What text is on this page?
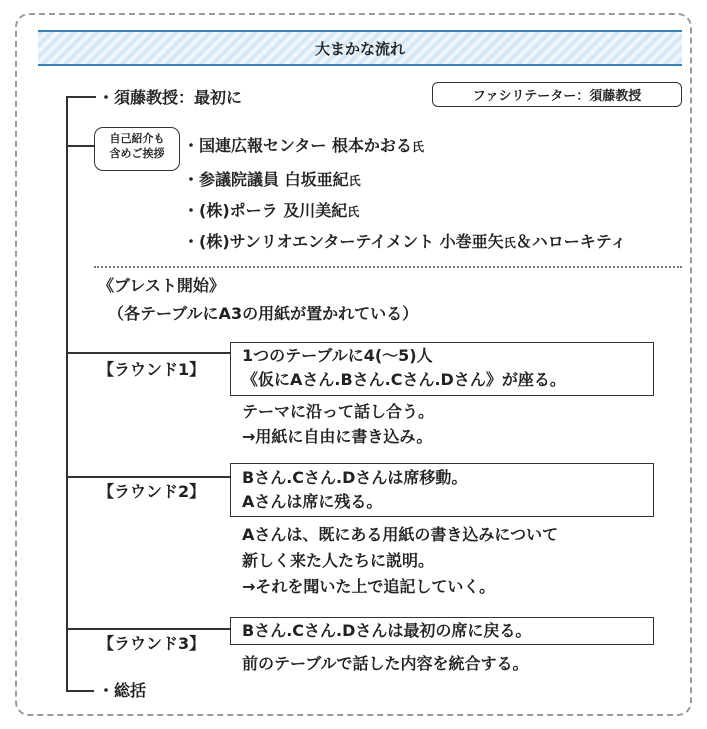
大まかな流れ
・須藤教授：最初に	ファシリテーター：須藤教授
自己紹介も
含めご挨拶	・国連広報センター 根本かおる氏
・参議院議員 白坂亜紀氏
・(株)ポーラ 及川美紀氏
・(株)サンリオエンターテイメント 小巻亜矢氏＆ハローキティ
《ブレスト開始》
（各テーブルにA3の用紙が置かれている）
【ラウンド1】
1つのテーブルに4(〜5)人
《仮にAさん.Bさん.Cさん.Dさん》が座る。
テーマに沿って話し合う。
→用紙に自由に書き込み。
【ラウンド2】
Bさん.Cさん.Dさんは席移動。
Aさんは席に残る。
Aさんは、既にある用紙の書き込みについて
新しく来た人たちに説明。
→それを聞いた上で追記していく。
【ラウンド3】
Bさん.Cさん.Dさんは最初の席に戻る。
前のテーブルで話した内容を統合する。
・総括
